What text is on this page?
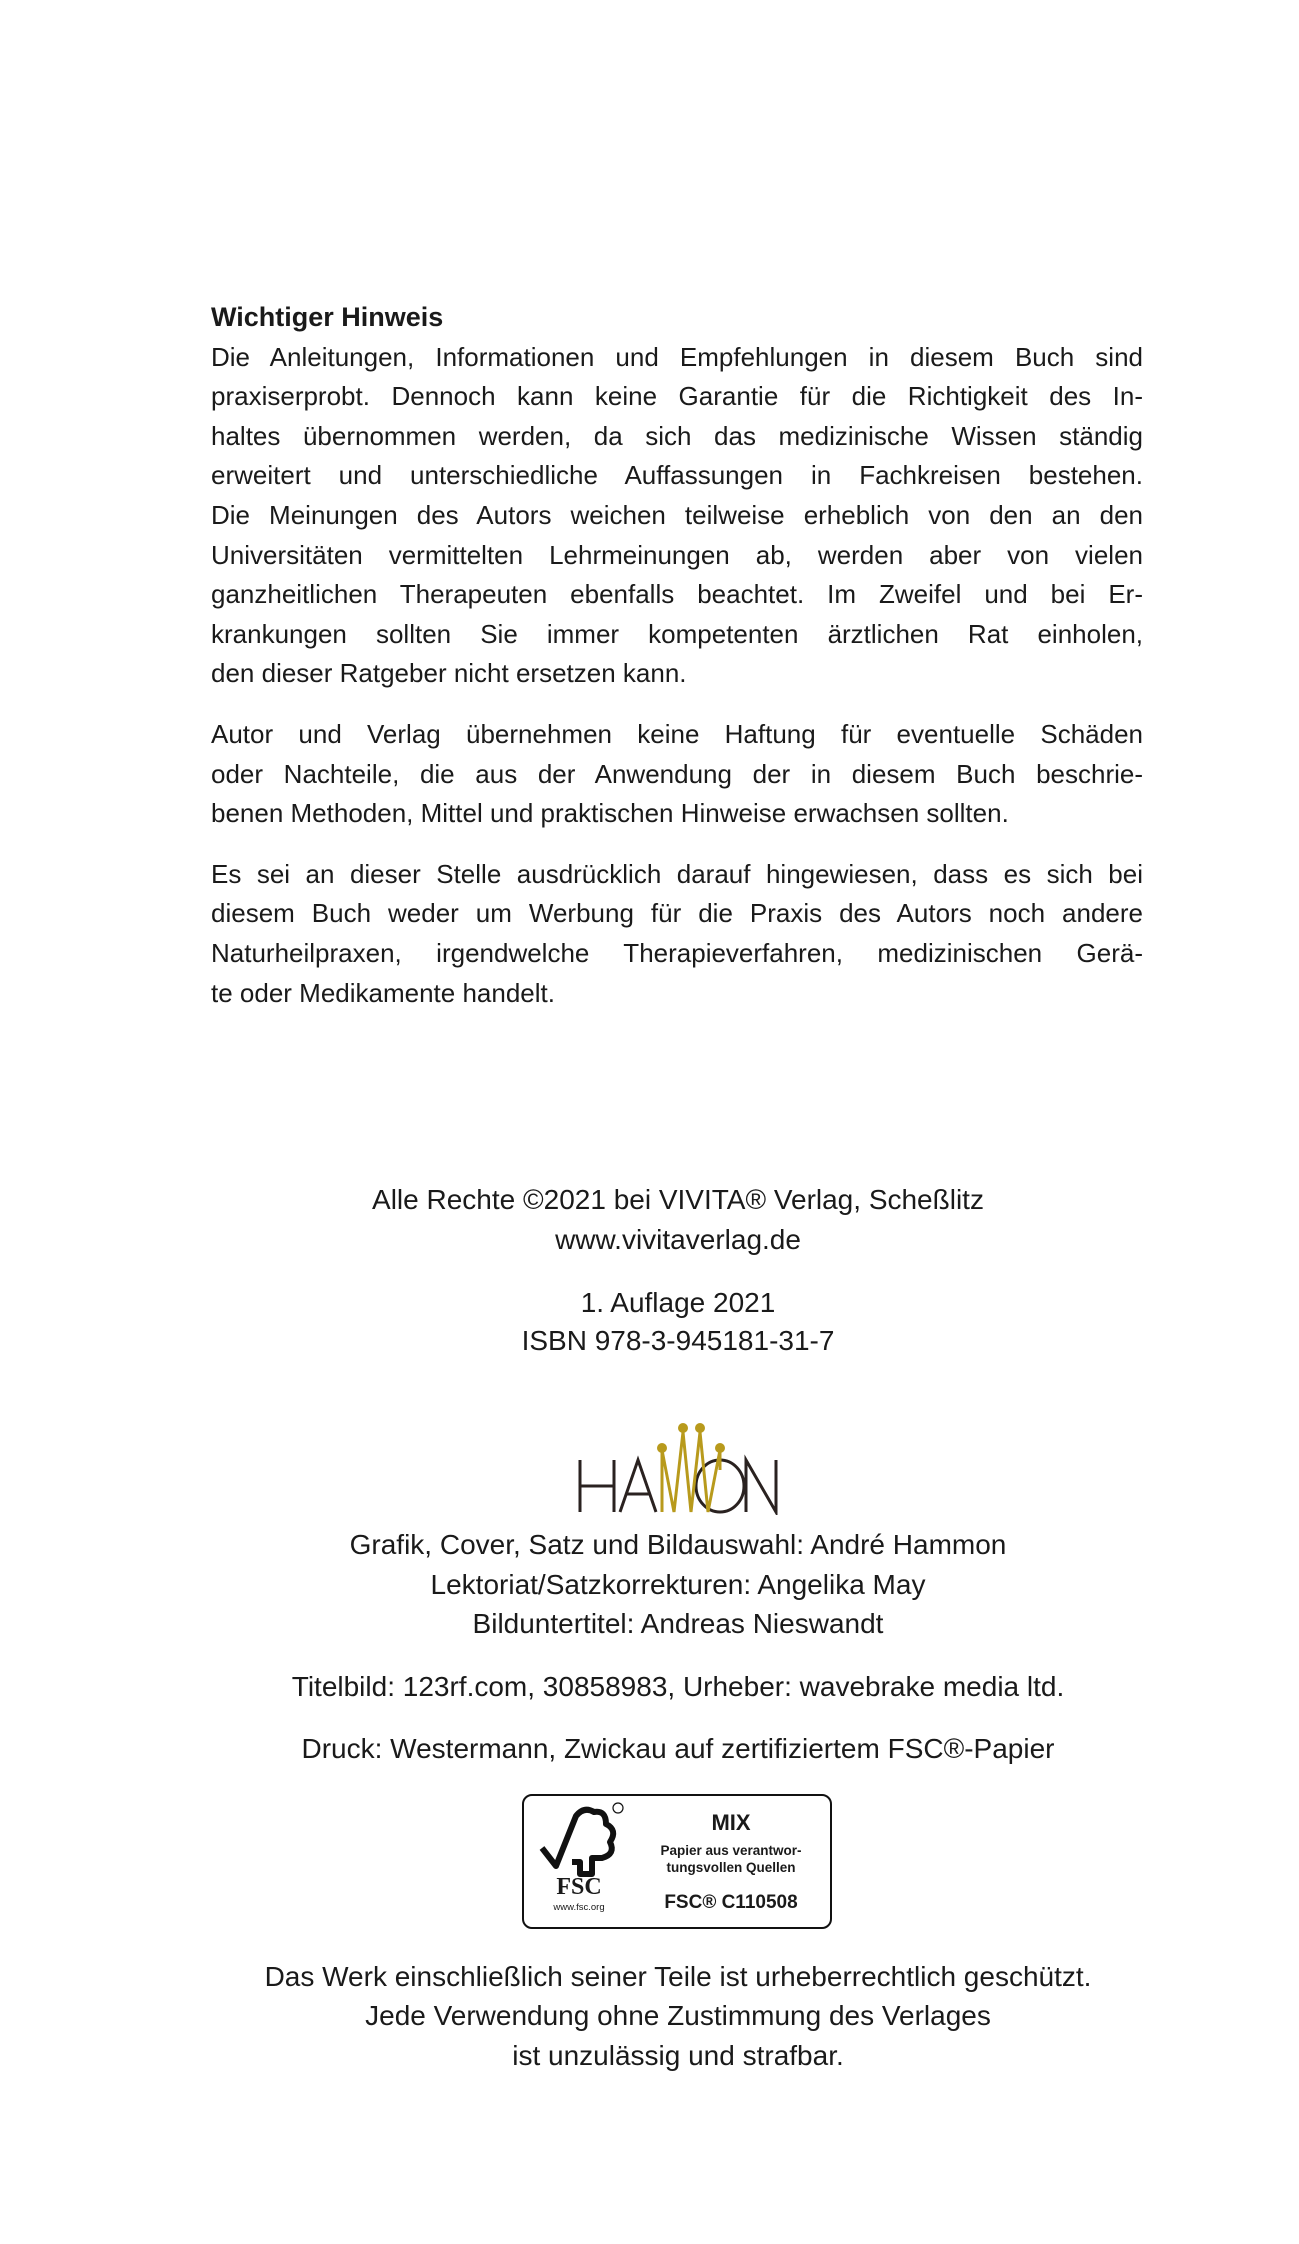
Wichtiger Hinweis

Die Anleitungen, Informationen und Empfehlungen in diesem Buch sind
praxiserprobt. Dennoch kann keine Garantie für die Richtigkeit des In-
haltes übernommen werden, da sich das medizinische Wissen ständig
erweitert und unterschiedliche Auffassungen in Fachkreisen bestehen.
Die Meinungen des Autors weichen teilweise erheblich von den an den
Universitäten vermittelten Lehrmeinungen ab, werden aber von vielen
ganzheitlichen Therapeuten ebenfalls beachtet. Im Zweifel und bei Er-
krankungen sollten Sie immer kompetenten ärztlichen Rat einholen,
den dieser Ratgeber nicht ersetzen kann.

Autor und Verlag übernehmen keine Haftung für eventuelle Schäden
oder Nachteile, die aus der Anwendung der in diesem Buch beschrie-
benen Methoden, Mittel und praktischen Hinweise erwachsen sollten.

Es sei an dieser Stelle ausdrücklich darauf hingewiesen, dass es sich bei
diesem Buch weder um Werbung für die Praxis des Autors noch andere
Naturheilpraxen, irgendwelche Therapieverfahren, medizinischen Gerä-
te oder Medikamente handelt.

Alle Rechte ©2021 bei VIVITA® Verlag, Scheßlitz
www.vivitaverlag.de
1. Auflage 2021
ISBN 978-3-945181-31-7
Grafik, Cover, Satz und Bildauswahl: André Hammon
Lektoriat/Satzkorrekturen: Angelika May
Bilduntertitel: Andreas Nieswandt
Titelbild: 123rf.com, 30858983, Urheber: wavebrake media ltd.
Druck: Westermann, Zwickau auf zertifiziertem FSC®-Papier
FSC
www.fsc.org
MIX
Papier aus verantwor-
tungsvollen Quellen
FSC® C110508
Das Werk einschließlich seiner Teile ist urheberrechtlich geschützt.
Jede Verwendung ohne Zustimmung des Verlages
ist unzulässig und strafbar.
